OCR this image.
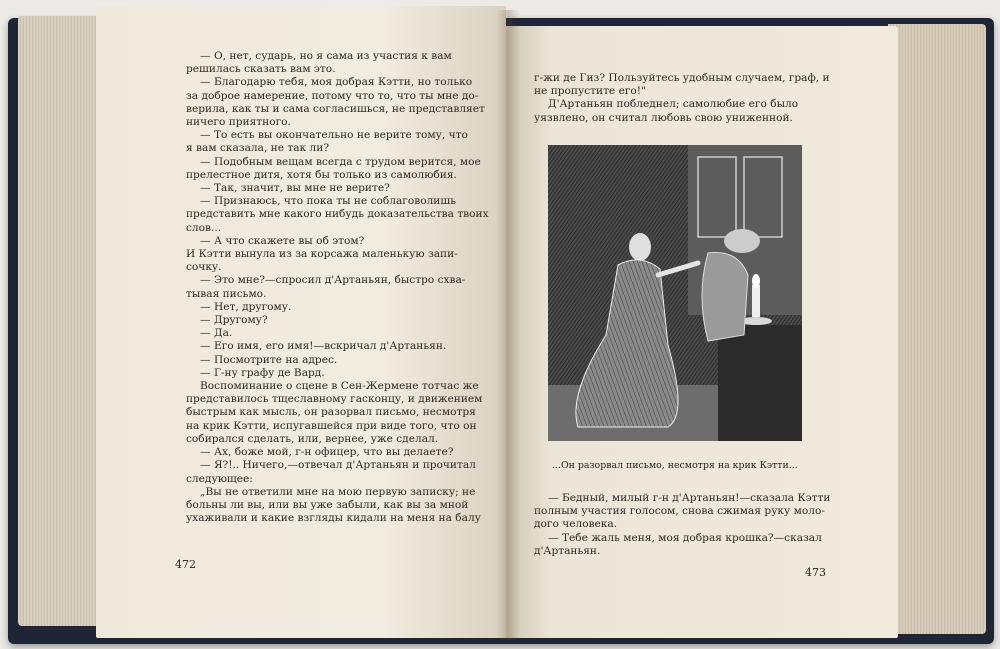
— О, нет, сударь, но я сама из участия к вам
решилась сказать вам это.
— Благодарю тебя, моя добрая Кэтти, но только
за доброе намерение, потому что то, что ты мне до-
верила, как ты и сама согласишься, не представляет
ничего приятного.
— То есть вы окончательно не верите тому, что
я вам сказала, не так ли?
— Подобным вещам всегда с трудом верится, мое
прелестное дитя, хотя бы только из самолюбия.
— Так, значит, вы мне не верите?
— Признаюсь, что пока ты не соблаговолишь
представить мне какого нибудь доказательства твоих
слов...
— А что скажете вы об этом?
И Кэтти вынула из за корсажа маленькую запи-
сочку.
— Это мне?—спросил д'Артаньян, быстро схва-
тывая письмо.
— Нет, другому.
— Другому?
— Да.
— Его имя, его имя!—вскричал д'Артаньян.
— Посмотрите на адрес.
— Г-ну графу де Вард.
Воспоминание о сцене в Сен-Жермене тотчас же
представилось тщеславному гасконцу, и движением
быстрым как мысль, он разорвал письмо, несмотря
на крик Кэтти, испугавшейся при виде того, что он
собирался сделать, или, вернее, уже сделал.
— Ах, боже мой, г-н офицер, что вы делаете?
— Я?!.. Ничего,—отвечал д'Артаньян и прочитал
следующее:
„Вы не ответили мне на мою первую записку; не
больны ли вы, или вы уже забыли, как вы за мной
ухаживали и какие взгляды кидали на меня на балу
472
г-жи де Гиз? Пользуйтесь удобным случаем, граф, и
не пропустите его!"
Д'Артаньян побледнел; самолюбие его было
уязвлено, он считал любовь свою униженной.
...Он разорвал письмо, несмотря на крик Кэтти...
— Бедный, милый г-н д'Артаньян!—сказала Кэтти
полным участия голосом, снова сжимая руку моло-
дого человека.
— Тебе жаль меня, моя добрая крошка?—сказал
д'Артаньян.
473
